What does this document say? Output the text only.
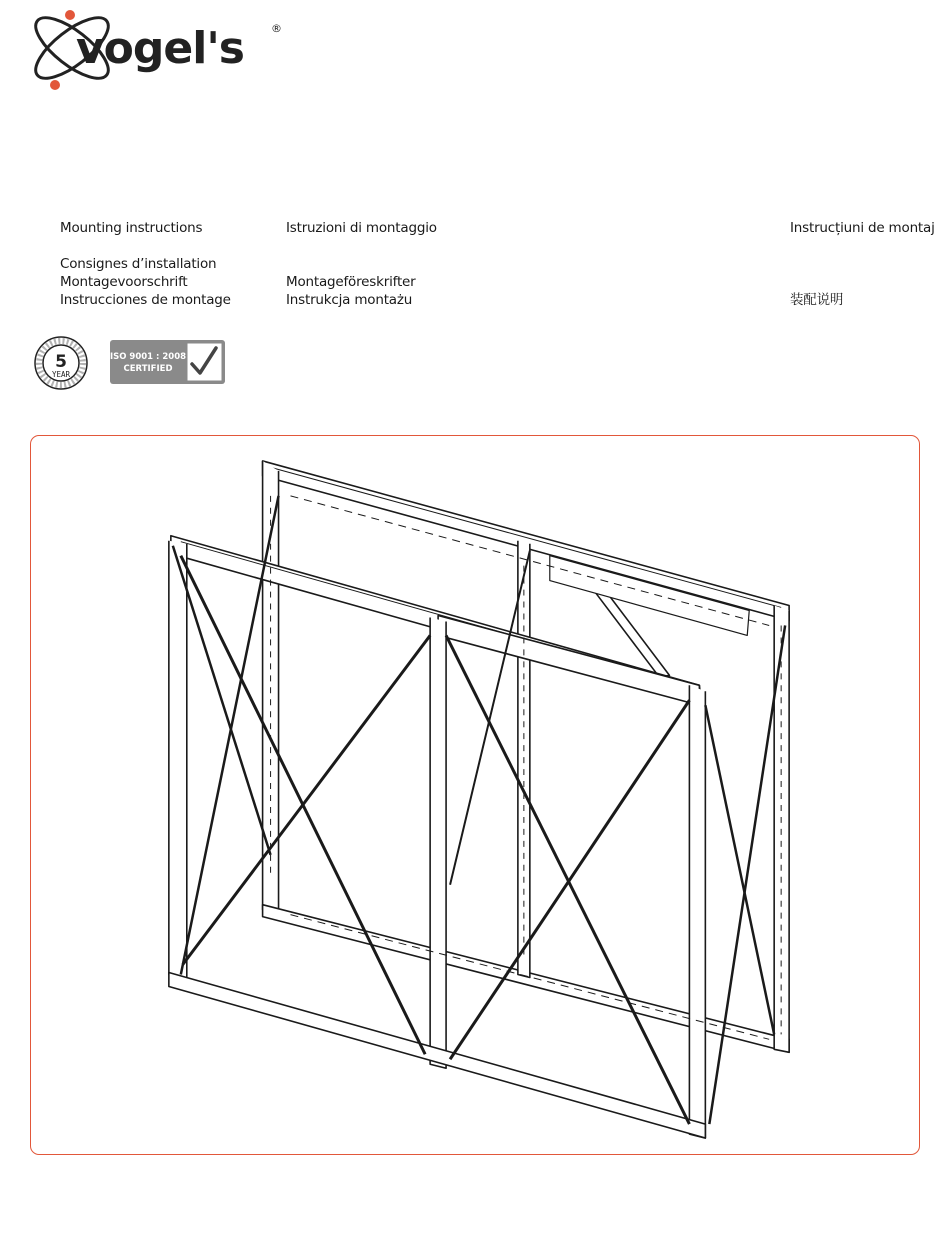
vogel's ®
Mounting instructions
Consignes d’installation
Montagevoorschrift
Instrucciones de montage
Istruzioni di montaggio
Montageföreskrifter
Instrukcja montażu
Instrucțiuni de montaj
装配说明
5
YEAR
ISO 9001 : 2008
CERTIFIED
